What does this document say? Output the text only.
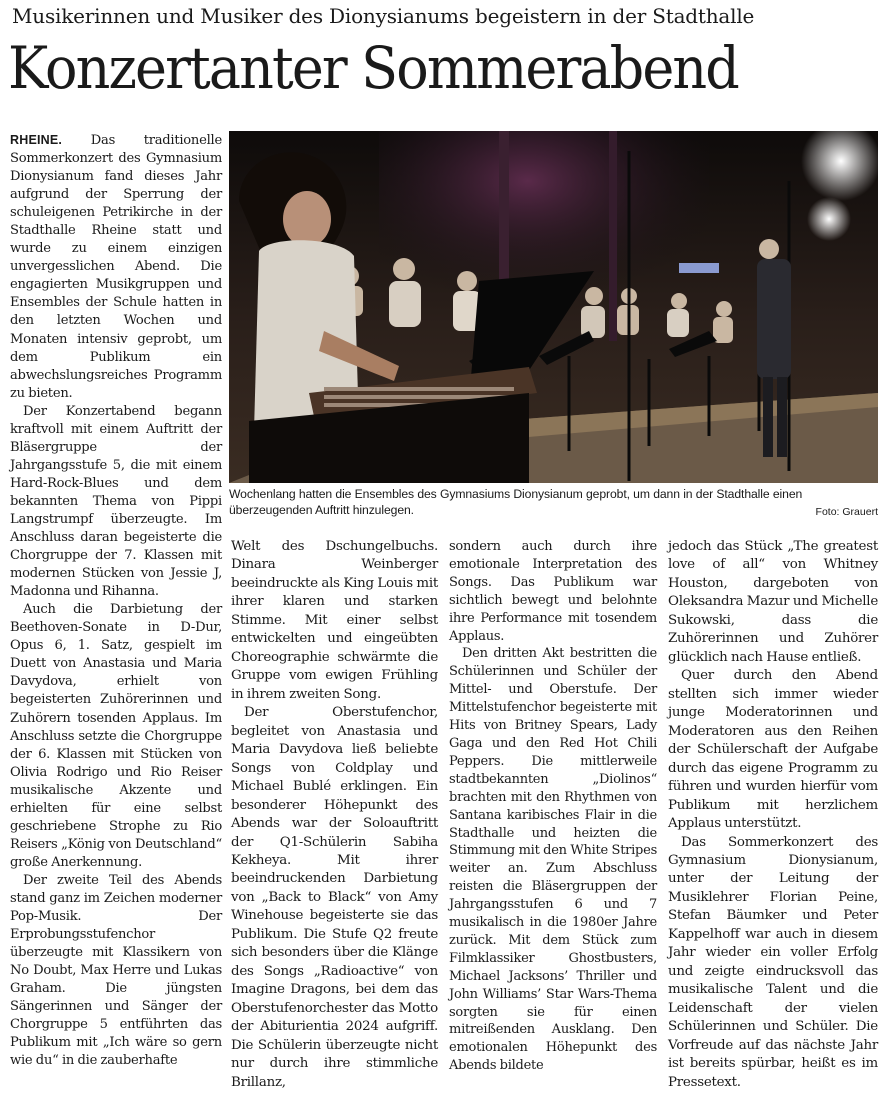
Musikerinnen und Musiker des Dionysianums begeistern in der Stadthalle
Konzertanter Sommerabend

RHEINE. Das traditionelle Sommerkonzert des Gymnasium Dionysianum fand dieses Jahr aufgrund der Sperrung der schuleigenen Petrikirche in der Stadthalle Rheine statt und wurde zu einem einzigen unvergesslichen Abend. Die engagierten Musikgruppen und Ensembles der Schule hatten in den letzten Wochen und Monaten intensiv geprobt, um dem Publikum ein abwechslungsreiches Programm zu bieten.

Der Konzertabend begann kraftvoll mit einem Auftritt der Bläsergruppe der Jahrgangsstufe 5, die mit einem Hard-Rock-Blues und dem bekannten Thema von Pippi Langstrumpf überzeugte. Im Anschluss daran begeisterte die Chorgruppe der 7. Klassen mit modernen Stücken von Jessie J, Madonna und Rihanna.

Auch die Darbietung der Beethoven-Sonate in D-Dur, Opus 6, 1. Satz, gespielt im Duett von Anastasia und Maria Davydova, erhielt von begeisterten Zuhörerinnen und Zuhörern tosenden Applaus. Im Anschluss setzte die Chorgruppe der 6. Klassen mit Stücken von Olivia Rodrigo und Rio Reiser musikalische Akzente und erhielten für eine selbst geschriebene Strophe zu Rio Reisers „König von Deutschland“ große Anerkennung.

Der zweite Teil des Abends stand ganz im Zeichen moderner Pop-Musik. Der Erprobungsstufenchor überzeugte mit Klassikern von No Doubt, Max Herre und Lukas Graham. Die jüngsten Sängerinnen und Sänger der Chorgruppe 5 entführten das Publikum mit „Ich wäre so gern wie du“ in die zauberhafte

Wochenlang hatten die Ensembles des Gymnasiums Dionysianum geprobt, um dann in der Stadthalle einen überzeugenden Auftritt hinzulegen.	Foto: Grauert

Welt des Dschungelbuchs. Dinara Weinberger beeindruckte als King Louis mit ihrer klaren und starken Stimme. Mit einer selbst entwickelten und eingeübten Choreographie schwärmte die Gruppe vom ewigen Frühling in ihrem zweiten Song.

Der Oberstufenchor, begleitet von Anastasia und Maria Davydova ließ beliebte Songs von Coldplay und Michael Bublé erklingen. Ein besonderer Höhepunkt des Abends war der Soloauftritt der Q1-Schülerin Sabiha Kekheya. Mit ihrer beeindruckenden Darbietung von „Back to Black“ von Amy Winehouse begeisterte sie das Publikum. Die Stufe Q2 freute sich besonders über die Klänge des Songs „Radioactive“ von Imagine Dragons, bei dem das Oberstufenorchester das Motto der Abiturientia 2024 aufgriff. Die Schülerin überzeugte nicht nur durch ihre stimmliche Brillanz,

sondern auch durch ihre emotionale Interpretation des Songs. Das Publikum war sichtlich bewegt und belohnte ihre Performance mit tosendem Applaus.

Den dritten Akt bestritten die Schülerinnen und Schüler der Mittel- und Oberstufe. Der Mittelstufenchor begeisterte mit Hits von Britney Spears, Lady Gaga und den Red Hot Chili Peppers. Die mittlerweile stadtbekannten „Diolinos“ brachten mit den Rhythmen von Santana karibisches Flair in die Stadthalle und heizten die Stimmung mit den White Stripes weiter an. Zum Abschluss reisten die Bläsergruppen der Jahrgangsstufen 6 und 7 musikalisch in die 1980er Jahre zurück. Mit dem Stück zum Filmklassiker Ghostbusters, Michael Jacksons’ Thriller und John Williams’ Star Wars-Thema sorgten sie für einen mitreißenden Ausklang. Den emotionalen Höhepunkt des Abends bildete

jedoch das Stück „The greatest love of all“ von Whitney Houston, dargeboten von Oleksandra Mazur und Michelle Sukowski, dass die Zuhörerinnen und Zuhörer glücklich nach Hause entließ.

Quer durch den Abend stellten sich immer wieder junge Moderatorinnen und Moderatoren aus den Reihen der Schülerschaft der Aufgabe durch das eigene Programm zu führen und wurden hierfür vom Publikum mit herzlichem Applaus unterstützt.

Das Sommerkonzert des Gymnasium Dionysianum, unter der Leitung der Musiklehrer Florian Peine, Stefan Bäumker und Peter Kappelhoff war auch in diesem Jahr wieder ein voller Erfolg und zeigte eindrucksvoll das musikalische Talent und die Leidenschaft der vielen Schülerinnen und Schüler. Die Vorfreude auf das nächste Jahr ist bereits spürbar, heißt es im Pressetext.
